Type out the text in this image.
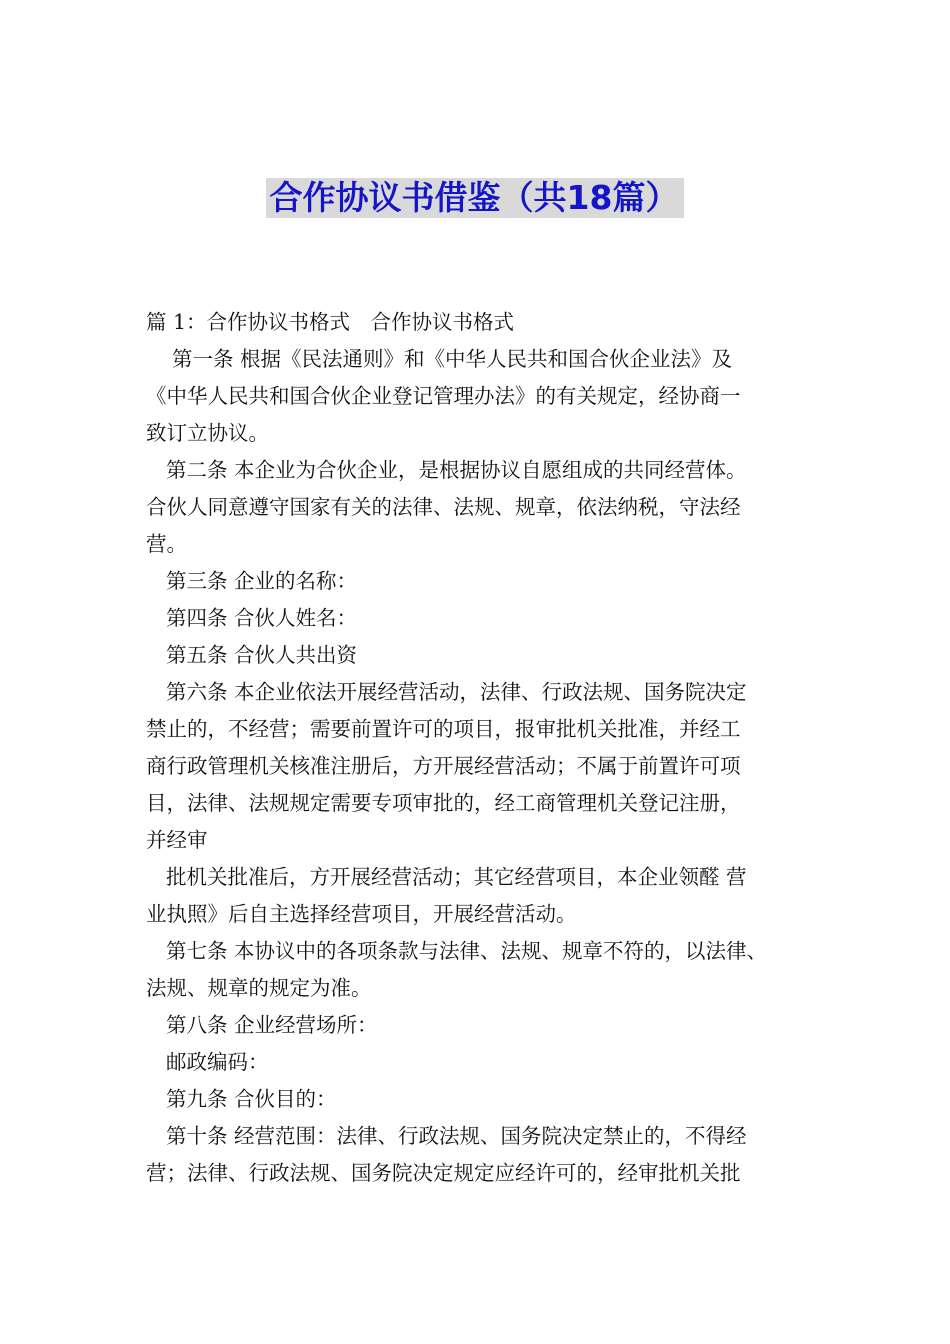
合作协议书借鉴（共18篇）
篇 1：合作协议书格式　合作协议书格式
第一条 根据《民法通则》和《中华人民共和国合伙企业法》及
《中华人民共和国合伙企业登记管理办法》的有关规定，经协商一
致订立协议。
第二条 本企业为合伙企业，是根据协议自愿组成的共同经营体。
合伙人同意遵守国家有关的法律、法规、规章，依法纳税，守法经
营。
第三条 企业的名称：
第四条 合伙人姓名：
第五条 合伙人共出资
第六条 本企业依法开展经营活动，法律、行政法规、国务院决定
禁止的，不经营；需要前置许可的项目，报审批机关批准，并经工
商行政管理机关核准注册后，方开展经营活动；不属于前置许可项
目，法律、法规规定需要专项审批的，经工商管理机关登记注册，
并经审
批机关批准后，方开展经营活动；其它经营项目，本企业领醛 营
业执照》后自主选择经营项目，开展经营活动。
第七条 本协议中的各项条款与法律、法规、规章不符的，以法律、
法规、规章的规定为准。
第八条 企业经营场所：
邮政编码：
第九条 合伙目的：
第十条 经营范围：法律、行政法规、国务院决定禁止的，不得经
营；法律、行政法规、国务院决定规定应经许可的，经审批机关批
